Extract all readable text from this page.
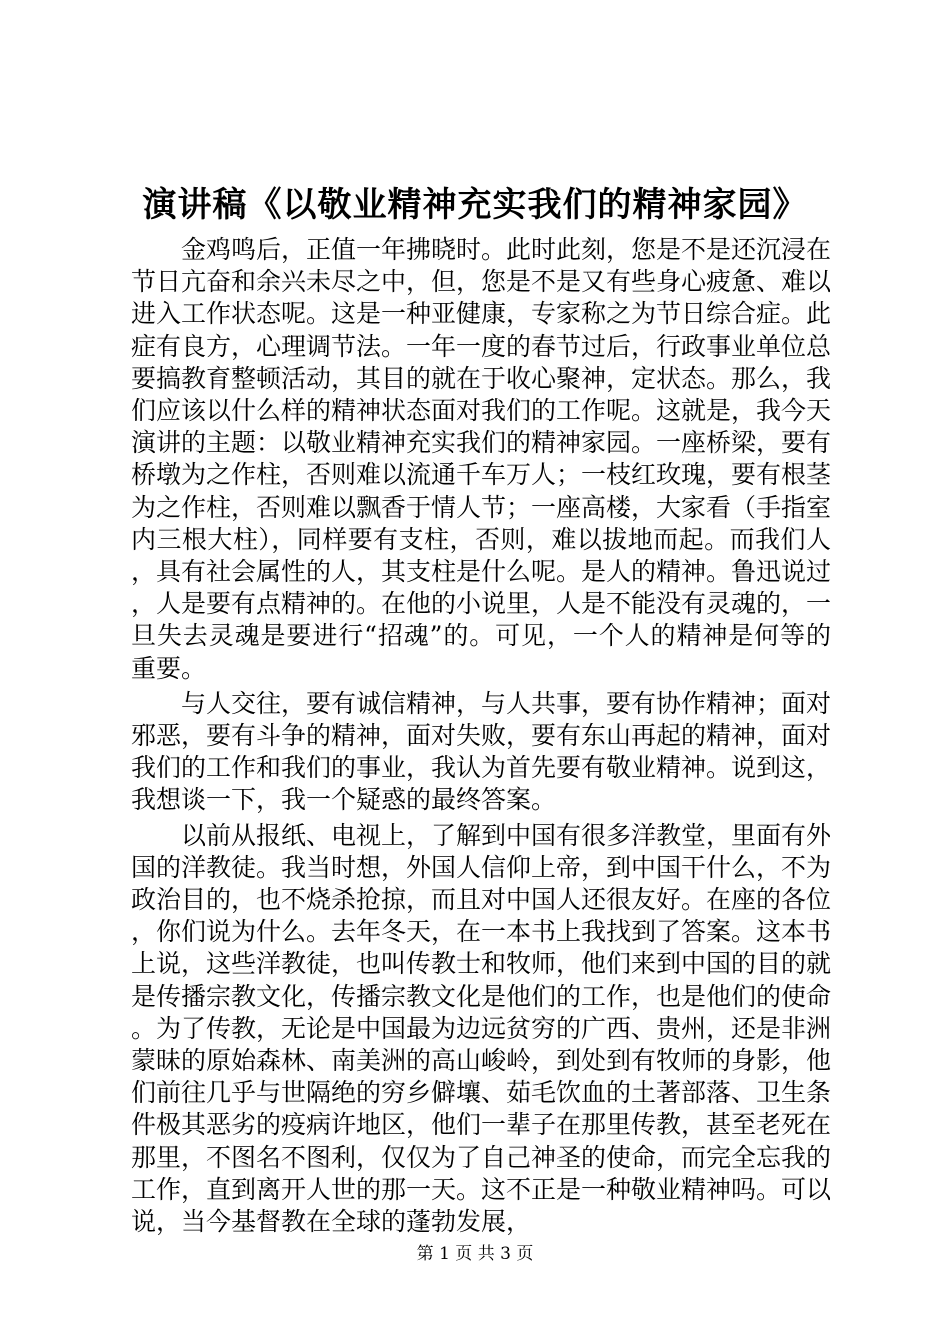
演讲稿《以敬业精神充实我们的精神家园》

金鸡鸣后，正值一年拂晓时。此时此刻，您是不是还沉浸在节日亢奋和余兴未尽之中，但，您是不是又有些身心疲惫、难以进入工作状态呢。这是一种亚健康，专家称之为节日综合症。此症有良方，心理调节法。一年一度的春节过后，行政事业单位总要搞教育整顿活动，其目的就在于收心聚神，定状态。那么，我们应该以什么样的精神状态面对我们的工作呢。这就是，我今天演讲的主题：以敬业精神充实我们的精神家园。一座桥梁，要有桥墩为之作柱，否则难以流通千车万人；一枝红玫瑰，要有根茎为之作柱，否则难以飘香于情人节；一座高楼，大家看（手指室内三根大柱），同样要有支柱，否则，难以拔地而起。而我们人，具有社会属性的人，其支柱是什么呢。是人的精神。鲁迅说过，人是要有点精神的。在他的小说里，人是不能没有灵魂的，一旦失去灵魂是要进行“招魂”的。可见，一个人的精神是何等的重要。

与人交往，要有诚信精神，与人共事，要有协作精神；面对邪恶，要有斗争的精神，面对失败，要有东山再起的精神，面对我们的工作和我们的事业，我认为首先要有敬业精神。说到这，我想谈一下，我一个疑惑的最终答案。

以前从报纸、电视上，了解到中国有很多洋教堂，里面有外国的洋教徒。我当时想，外国人信仰上帝，到中国干什么，不为政治目的，也不烧杀抢掠，而且对中国人还很友好。在座的各位，你们说为什么。去年冬天，在一本书上我找到了答案。这本书上说，这些洋教徒，也叫传教士和牧师，他们来到中国的目的就是传播宗教文化，传播宗教文化是他们的工作，也是他们的使命。为了传教，无论是中国最为边远贫穷的广西、贵州，还是非洲蒙昧的原始森林、南美洲的高山峻岭，到处到有牧师的身影，他们前往几乎与世隔绝的穷乡僻壤、茹毛饮血的土著部落、卫生条件极其恶劣的疫病许地区，他们一辈子在那里传教，甚至老死在那里，不图名不图利，仅仅为了自己神圣的使命，而完全忘我的工作，直到离开人世的那一天。这不正是一种敬业精神吗。可以说，当今基督教在全球的蓬勃发展，

第 1 页 共 3 页
